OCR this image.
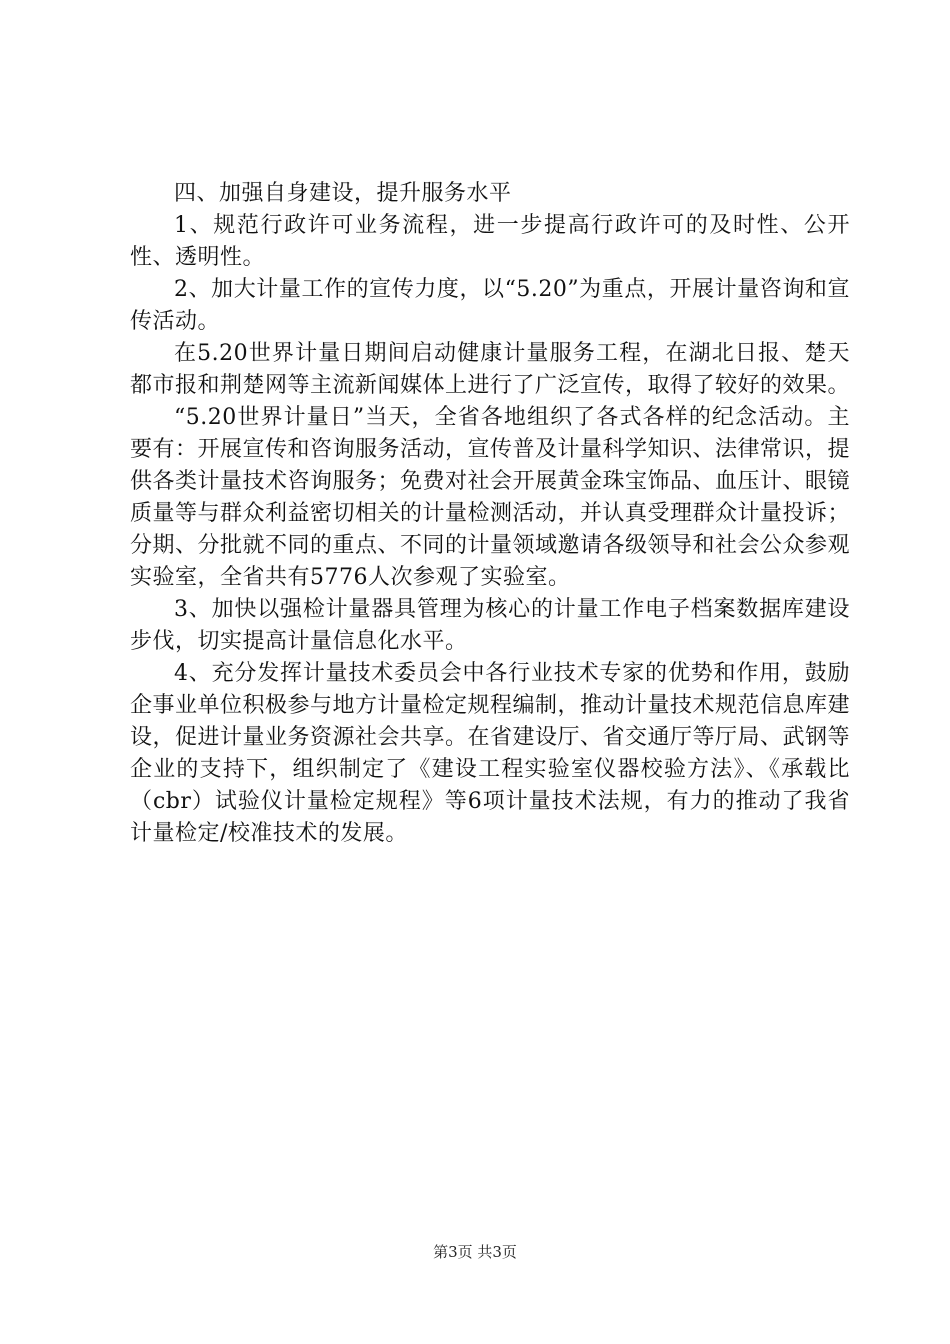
四、加强自身建设，提升服务水平

1、规范行政许可业务流程，进一步提高行政许可的及时性、公开性、透明性。

2、加大计量工作的宣传力度，以“5.20”为重点，开展计量咨询和宣传活动。

在5.20世界计量日期间启动健康计量服务工程，在湖北日报、楚天都市报和荆楚网等主流新闻媒体上进行了广泛宣传，取得了较好的效果。

“5.20世界计量日”当天，全省各地组织了各式各样的纪念活动。主要有：开展宣传和咨询服务活动，宣传普及计量科学知识、法律常识，提供各类计量技术咨询服务；免费对社会开展黄金珠宝饰品、血压计、眼镜质量等与群众利益密切相关的计量检测活动，并认真受理群众计量投诉；分期、分批就不同的重点、不同的计量领域邀请各级领导和社会公众参观实验室，全省共有5776人次参观了实验室。

3、加快以强检计量器具管理为核心的计量工作电子档案数据库建设步伐，切实提高计量信息化水平。

4、充分发挥计量技术委员会中各行业技术专家的优势和作用，鼓励企事业单位积极参与地方计量检定规程编制，推动计量技术规范信息库建设，促进计量业务资源社会共享。在省建设厅、省交通厅等厅局、武钢等企业的支持下，组织制定了《建设工程实验室仪器校验方法》、《承载比（cbr）试验仪计量检定规程》等6项计量技术法规，有力的推动了我省计量检定/校准技术的发展。

第3页 共3页
